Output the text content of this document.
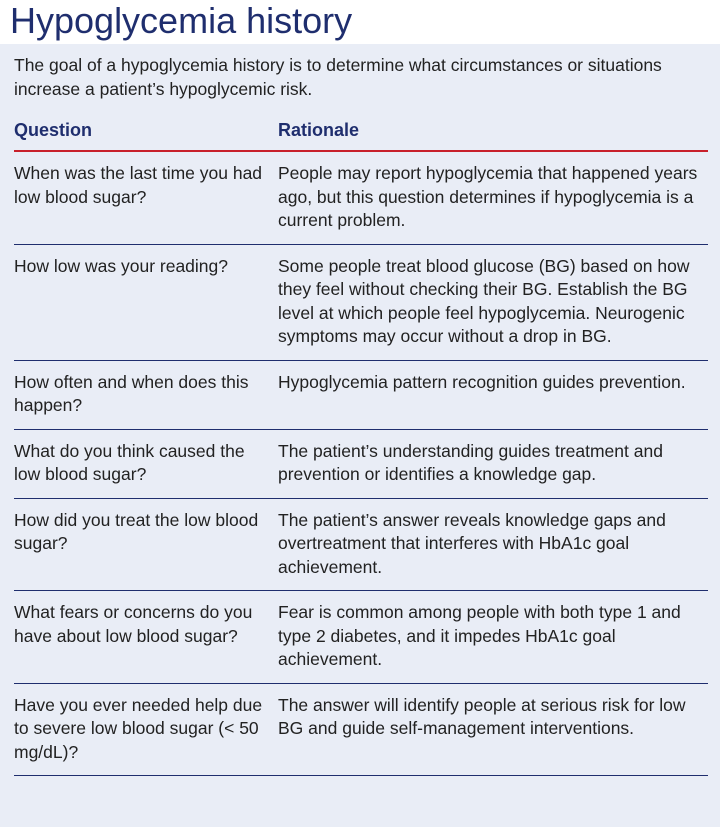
Hypoglycemia history

The goal of a hypoglycemia history is to determine what circumstances or situations increase a patient’s hypoglycemic risk.

Question	Rationale
When was the last time you had low blood sugar?	People may report hypoglycemia that happened years ago, but this question determines if hypoglycemia is a current problem.
How low was your reading?	Some people treat blood glucose (BG) based on how they feel without checking their BG. Establish the BG level at which people feel hypoglycemia. Neurogenic symptoms may occur without a drop in BG.
How often and when does this happen?	Hypoglycemia pattern recognition guides prevention.
What do you think caused the low blood sugar?	The patient’s understanding guides treatment and prevention or identifies a knowledge gap.
How did you treat the low blood sugar?	The patient’s answer reveals knowledge gaps and overtreatment that interferes with HbA1c goal achievement.
What fears or concerns do you have about low blood sugar?	Fear is common among people with both type 1 and type 2 diabetes, and it impedes HbA1c goal achievement.
Have you ever needed help due to severe low blood sugar (< 50 mg/dL)?	The answer will identify people at serious risk for low BG and guide self-management interventions.
